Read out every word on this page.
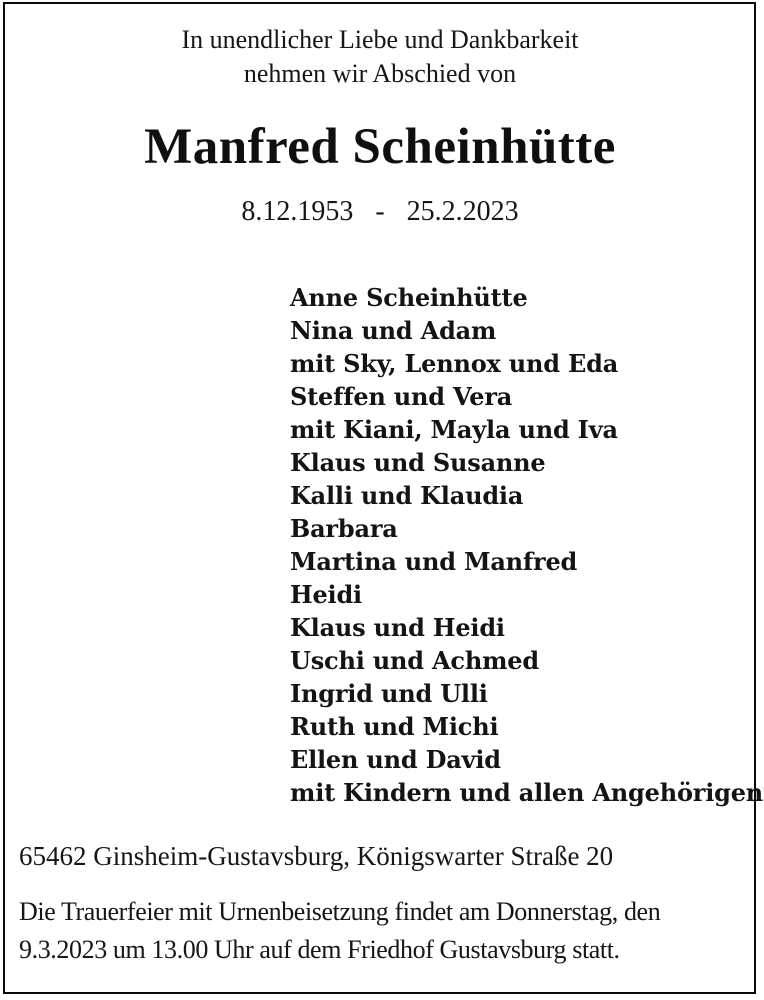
In unendlicher Liebe und Dankbarkeit
nehmen wir Abschied von
Manfred Scheinhütte
8.12.1953 - 25.2.2023
Anne Scheinhütte
Nina und Adam
mit Sky, Lennox und Eda
Steffen und Vera
mit Kiani, Mayla und Iva
Klaus und Susanne
Kalli und Klaudia
Barbara
Martina und Manfred
Heidi
Klaus und Heidi
Uschi und Achmed
Ingrid und Ulli
Ruth und Michi
Ellen und David
mit Kindern und allen Angehörigen
65462 Ginsheim-Gustavsburg, Königswarter Straße 20
Die Trauerfeier mit Urnenbeisetzung findet am Donnerstag, den
9.3.2023 um 13.00 Uhr auf dem Friedhof Gustavsburg statt.
